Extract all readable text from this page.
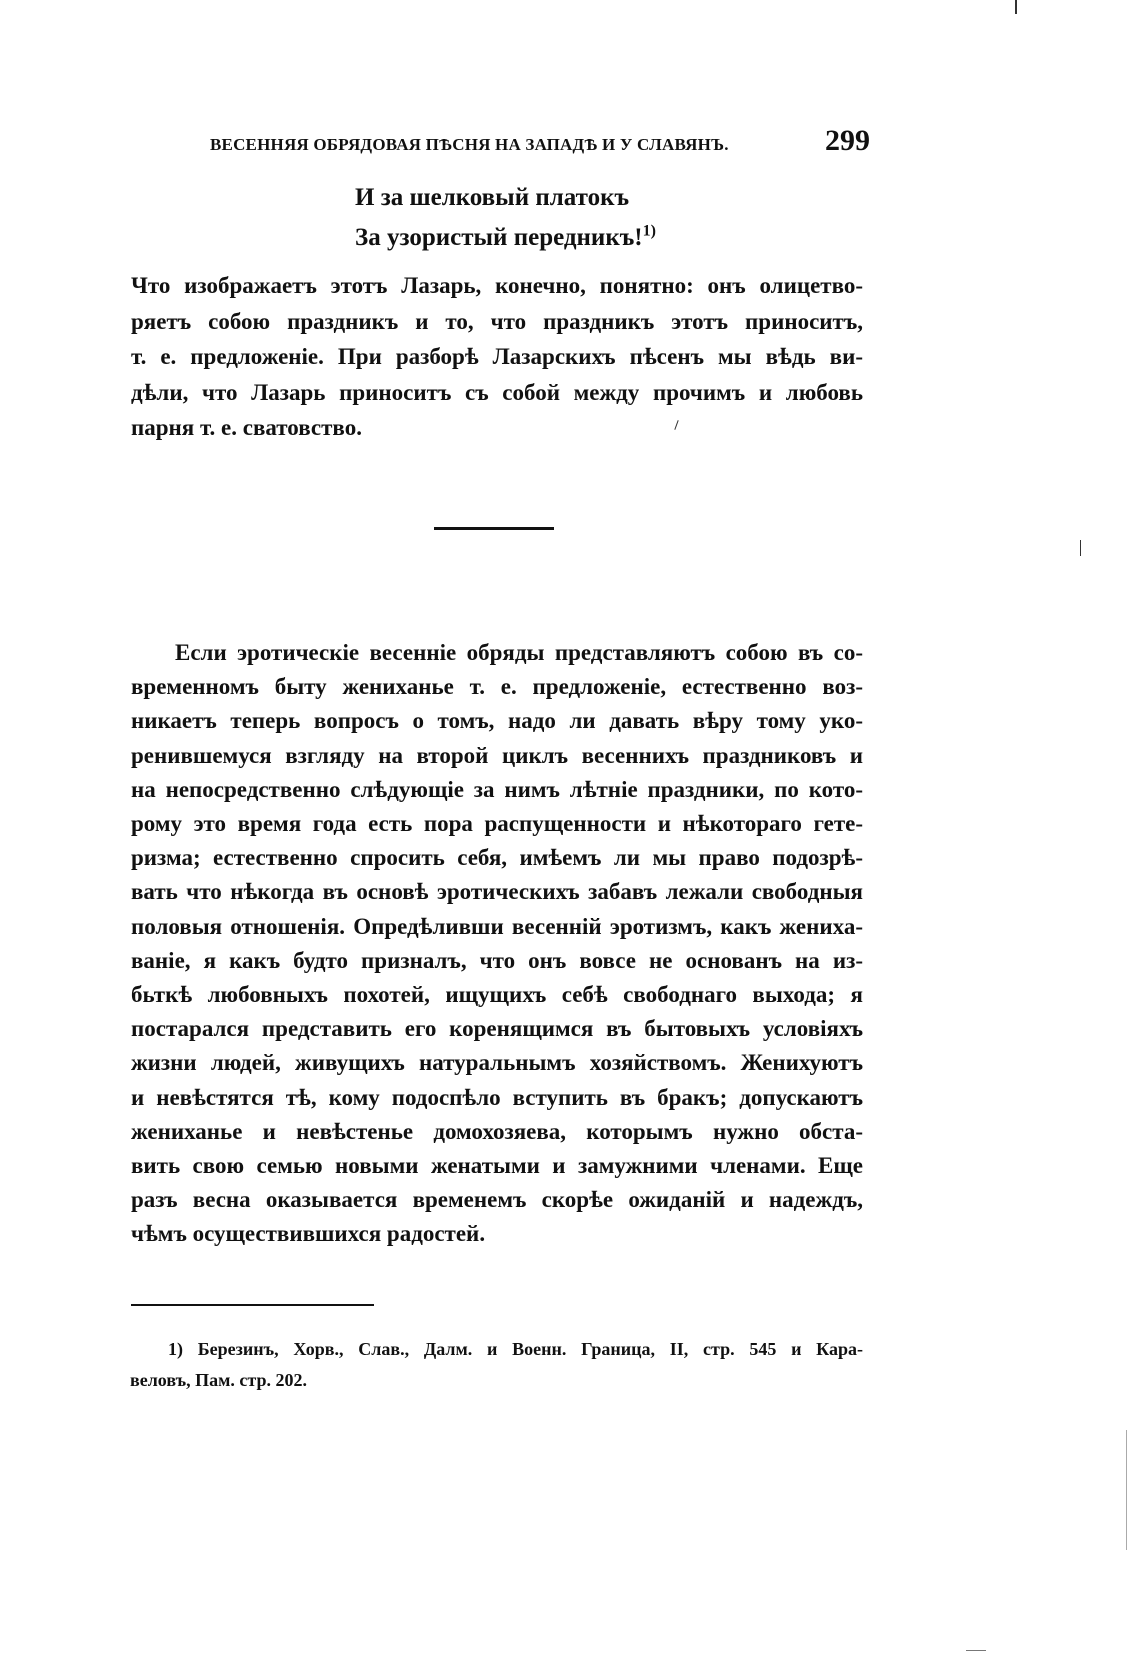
ВЕСЕННЯЯ ОБРЯДОВАЯ ПѢСНЯ НА ЗАПАДѢ И У СЛАВЯНЪ.	299
И за шелковый платокъ
За узористый передникъ!$^{1)}$
Что изображаетъ этотъ Лазарь, конечно, понятно: онъ олицетво-
ряетъ собою праздникъ и то, что праздникъ этотъ приноситъ,
т. е. предложеніе. При разборѣ Лазарскихъ пѣсенъ мы вѣдь ви-
дѣли, что Лазарь приноситъ съ собой между прочимъ и любовь
парня т. е. сватовство.
Если эротическіе весенніе обряды представляютъ собою въ со-
временномъ быту жениханье т. е. предложеніе, естественно воз-
никаетъ теперь вопросъ о томъ, надо ли давать вѣру тому уко-
ренившемуся взгляду на второй циклъ весеннихъ праздниковъ и
на непосредственно слѣдующіе за нимъ лѣтніе праздники, по кото-
рому это время года есть пора распущенности и нѣкотораго гете-
ризма; естественно спросить себя, имѣемъ ли мы право подозрѣ-
вать что нѣкогда въ основѣ эротическихъ забавъ лежали свободныя
половыя отношенія. Опредѣливши весенній эротизмъ, какъ жениха-
ваніе, я какъ будто призналъ, что онъ вовсе не основанъ на из-
бьткѣ любовныхъ похотей, ищущихъ себѣ свободнаго выхода; я
постарался представить его коренящимся въ бытовыхъ условіяхъ
жизни людей, живущихъ натуральнымъ хозяйствомъ. Женихуютъ
и невѣстятся тѣ, кому подоспѣло вступить въ бракъ; допускаютъ
жениханье и невѣстенье домохозяева, которымъ нужно обста-
вить свою семью новыми женатыми и замужними членами. Еще
разъ весна оказывается временемъ скорѣе ожиданій и надеждъ,
чѣмъ осуществившихся радостей.
1) Березинъ, Хорв., Слав., Далм. и Военн. Граница, II, стр. 545 и Кара-
веловъ, Пам. стр. 202.
